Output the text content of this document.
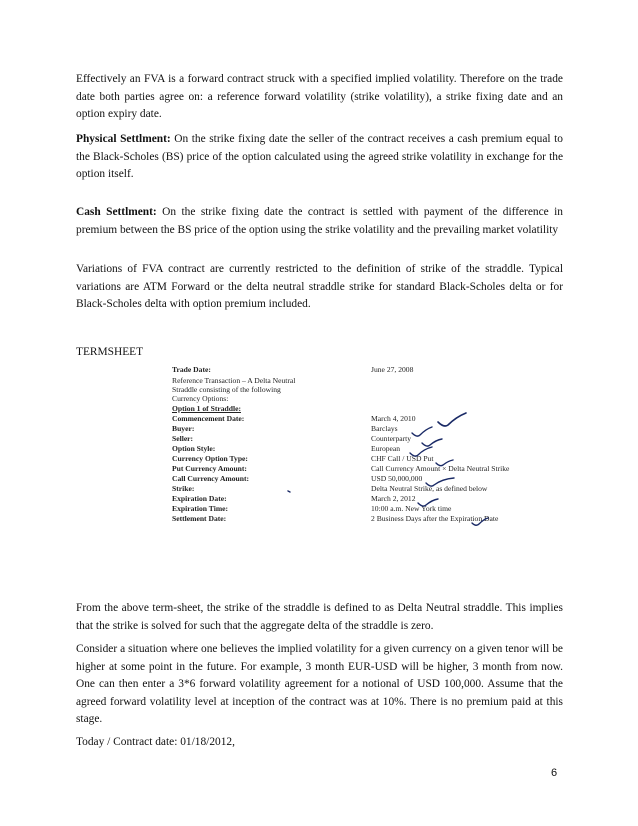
Effectively an FVA is a forward contract struck with a specified implied volatility. Therefore on the trade date both parties agree on: a reference forward volatility (strike volatility), a strike fixing date and an option expiry date.

Physical Settlment: On the strike fixing date the seller of the contract receives a cash premium equal to the Black-Scholes (BS) price of the option calculated using the agreed strike volatility in exchange for the option itself.

Cash Settlment: On the strike fixing date the contract is settled with payment of the difference in premium between the BS price of the option using the strike volatility and the prevailing market volatility

Variations of FVA contract are currently restricted to the definition of strike of the straddle. Typical variations are ATM Forward or the delta neutral straddle strike for standard Black-Scholes delta or for Black-Scholes delta with option premium included.

TERMSHEET

Trade Date:	June 27, 2008
Reference Transaction – A Delta Neutral
Straddle consisting of the following
Currency Options:
Option 1 of Straddle:
Commencement Date:	March 4, 2010
Buyer:	Barclays
Seller:	Counterparty
Option Style:	European
Currency Option Type:	CHF Call / USD Put
Put Currency Amount:	Call Currency Amount × Delta Neutral Strike
Call Currency Amount:	USD 50,000,000
Strike:	Delta Neutral Strike, as defined below
Expiration Date:	March 2, 2012
Expiration Time:	10:00 a.m. New York time
Settlement Date:	2 Business Days after the Expiration Date

From the above term-sheet, the strike of the straddle is defined to as Delta Neutral straddle. This implies that the strike is solved for such that the aggregate delta of the straddle is zero.

Consider a situation where one believes the implied volatility for a given currency on a given tenor will be higher at some point in the future. For example, 3 month EUR-USD will be higher, 3 month from now. One can then enter a 3*6 forward volatility agreement for a notional of USD 100,000. Assume that the agreed forward volatility level at inception of the contract was at 10%. There is no premium paid at this stage.

Today / Contract date: 01/18/2012,

6
